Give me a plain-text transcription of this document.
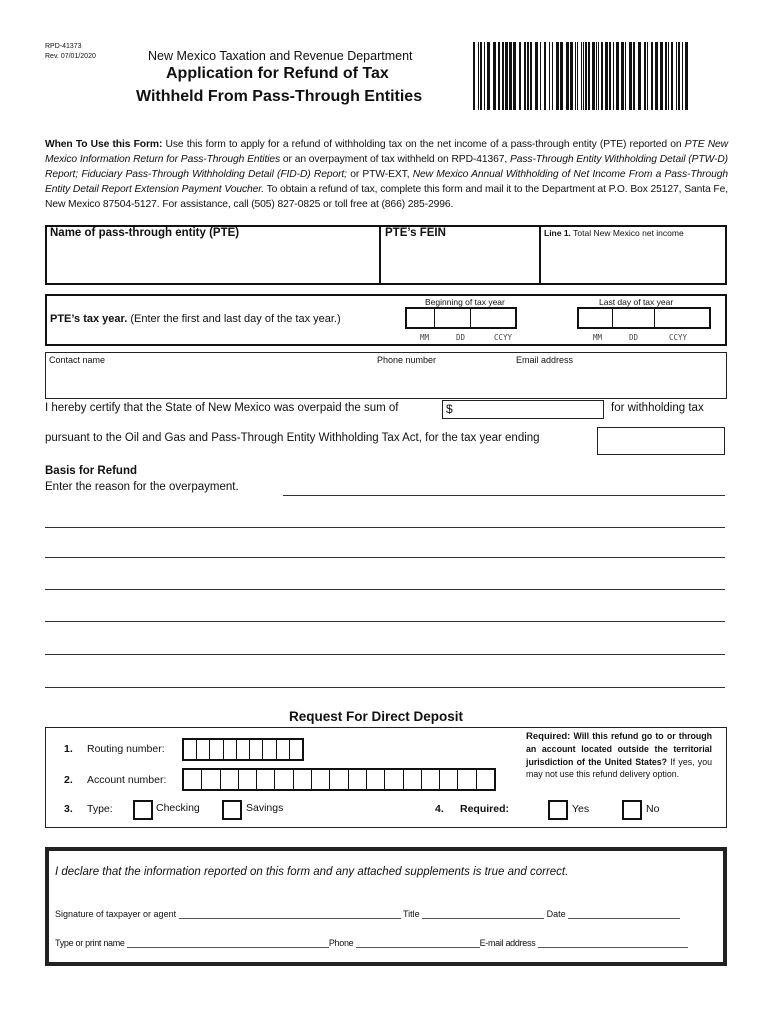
RPD-41373
Rev. 07/01/2020	New Mexico Taxation and Revenue Department
Application for Refund of Tax
Withheld From Pass-Through Entities
When To Use this Form: Use this form to apply for a refund of withholding tax on the net income of a pass-through entity (PTE) reported on PTE New Mexico Information Return for Pass-Through Entities or an overpayment of tax withheld on RPD-41367, Pass-Through Entity Withholding Detail (PTW-D) Report; Fiduciary Pass-Through Withholding Detail (FID-D) Report; or PTW-EXT, New Mexico Annual Withholding of Net Income From a Pass-Through Entity Detail Report Extension Payment Voucher. To obtain a refund of tax, complete this form and mail it to the Department at P.O. Box 25127, Santa Fe, New Mexico 87504-5127. For assistance, call (505) 827-0825 or toll free at (866) 285-2996.
Name of pass-through entity (PTE)	PTE’s FEIN	Line 1. Total New Mexico net income
PTE’s tax year. (Enter the first and last day of the tax year.)
Beginning of tax year	Last day of tax year
MM	DD	CCYY	MM	DD	CCYY
Contact name	Phone number	Email address
I hereby certify that the State of New Mexico was overpaid the sum of	$	for withholding tax
pursuant to the Oil and Gas and Pass-Through Entity Withholding Tax Act, for the tax year ending
Basis for Refund
Enter the reason for the overpayment.
Request For Direct Deposit
1. Routing number:
2. Account number:
3. Type:	Checking	Savings	4. Required:	Yes	No
Required: Will this refund go to or through an account located outside the territorial jurisdiction of the United States? If yes, you may not use this refund delivery option.
I declare that the information reported on this form and any attached supplements is true and correct.
Signature of taxpayer or agent	Title	Date
Type or print name	Phone	E-mail address
